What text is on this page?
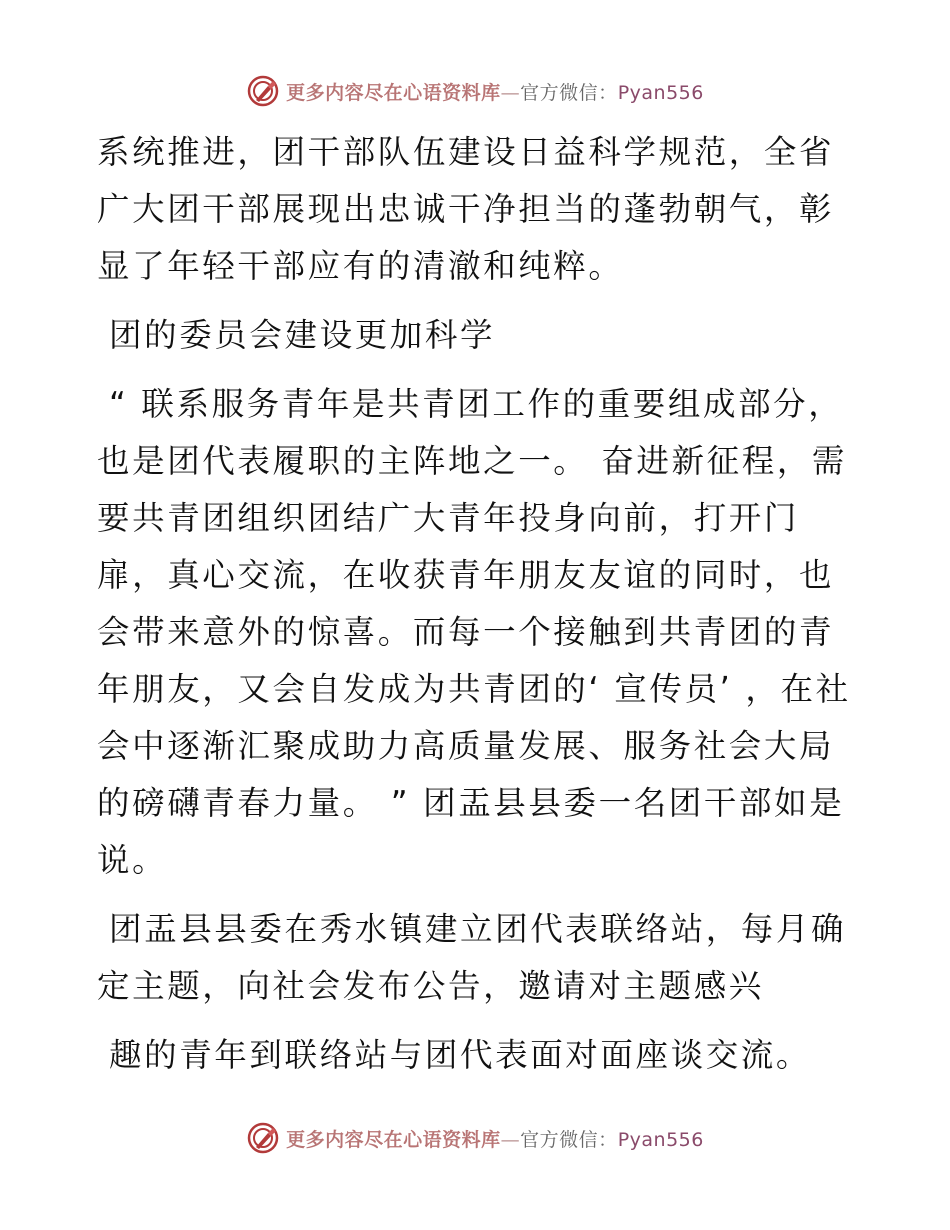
更多内容尽在心语资料库—官方微信：Pyan556

系统推进，团干部队伍建设日益科学规范，全省广大团干部展现出忠诚干净担当的蓬勃朝气，彰显了年轻干部应有的清澈和纯粹。

团的委员会建设更加科学

“ 联系服务青年是共青团工作的重要组成部分，也是团代表履职的主阵地之一。 奋进新征程，需要共青团组织团结广大青年投身向前，打开门扉，真心交流，在收获青年朋友友谊的同时，也会带来意外的惊喜。而每一个接触到共青团的青年朋友，又会自发成为共青团的‘ 宣传员’ ，在社会中逐渐汇聚成助力高质量发展、服务社会大局的磅礴青春力量。 ” 团盂县县委一名团干部如是说。

团盂县县委在秀水镇建立团代表联络站，每月确定主题，向社会发布公告，邀请对主题感兴

趣的青年到联络站与团代表面对面座谈交流。

更多内容尽在心语资料库—官方微信：Pyan556
